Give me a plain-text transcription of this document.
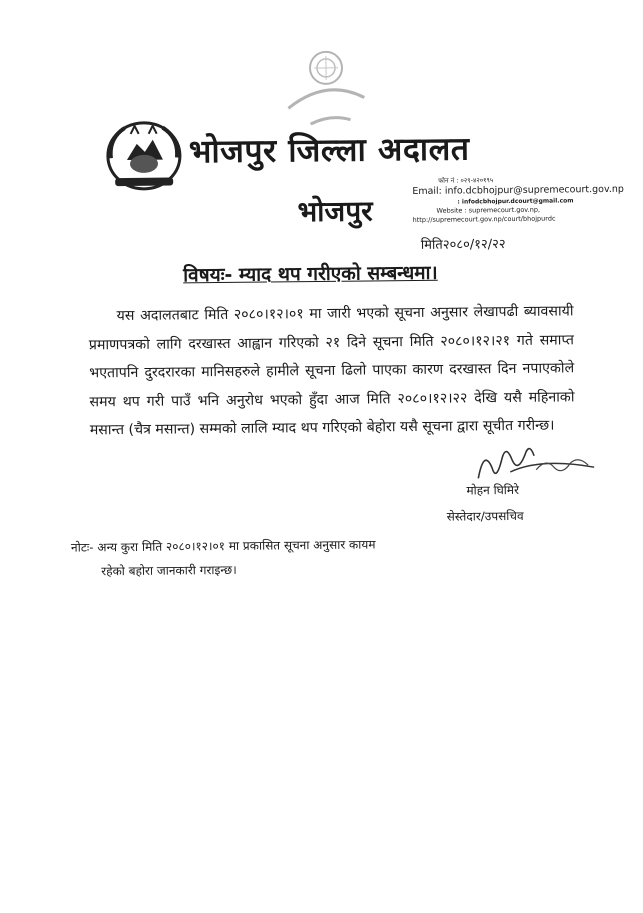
भोजपुर जिल्ला अदालत
भोजपुर
फोन नं : ०२९-४२०१९५
Email: info.dcbhojpur@supremecourt.gov.np
: infodcbhojpur.dcourt@gmail.com
Website : supremecourt.gov.np,
http://supremecourt.gov.np/court/bhojpurdc
मिति२०८०/१२/२२
विषयः- म्याद थप गरीएको सम्बन्धमा।
यस अदालतबाट मिति २०८०।१२।०१ मा जारी भएको सूचना अनुसार लेखापढी ब्यावसायी प्रमाणपत्रको लागि दरखास्त आह्वान गरिएको २१ दिने सूचना मिति २०८०।१२।२१ गते समाप्त भएतापनि दुरदरारका मानिसहरुले हामीले सूचना ढिलो पाएका कारण दरखास्त दिन नपाएकोले समय थप गरी पाउँ भनि अनुरोध भएको हुँदा आज मिति २०८०।१२।२२ देखि यसै महिनाको मसान्त (चैत्र मसान्त) सम्मको लालि म्याद थप गरिएको बेहोरा यसै सूचना द्वारा सूचीत गरीन्छ।
मोहन घिमिरे
सेस्तेदार/उपसचिव
नोटः- अन्य कुरा मिति २०८०।१२।०१ मा प्रकासित सूचना अनुसार कायम
रहेको बहोरा जानकारी गराइन्छ।
